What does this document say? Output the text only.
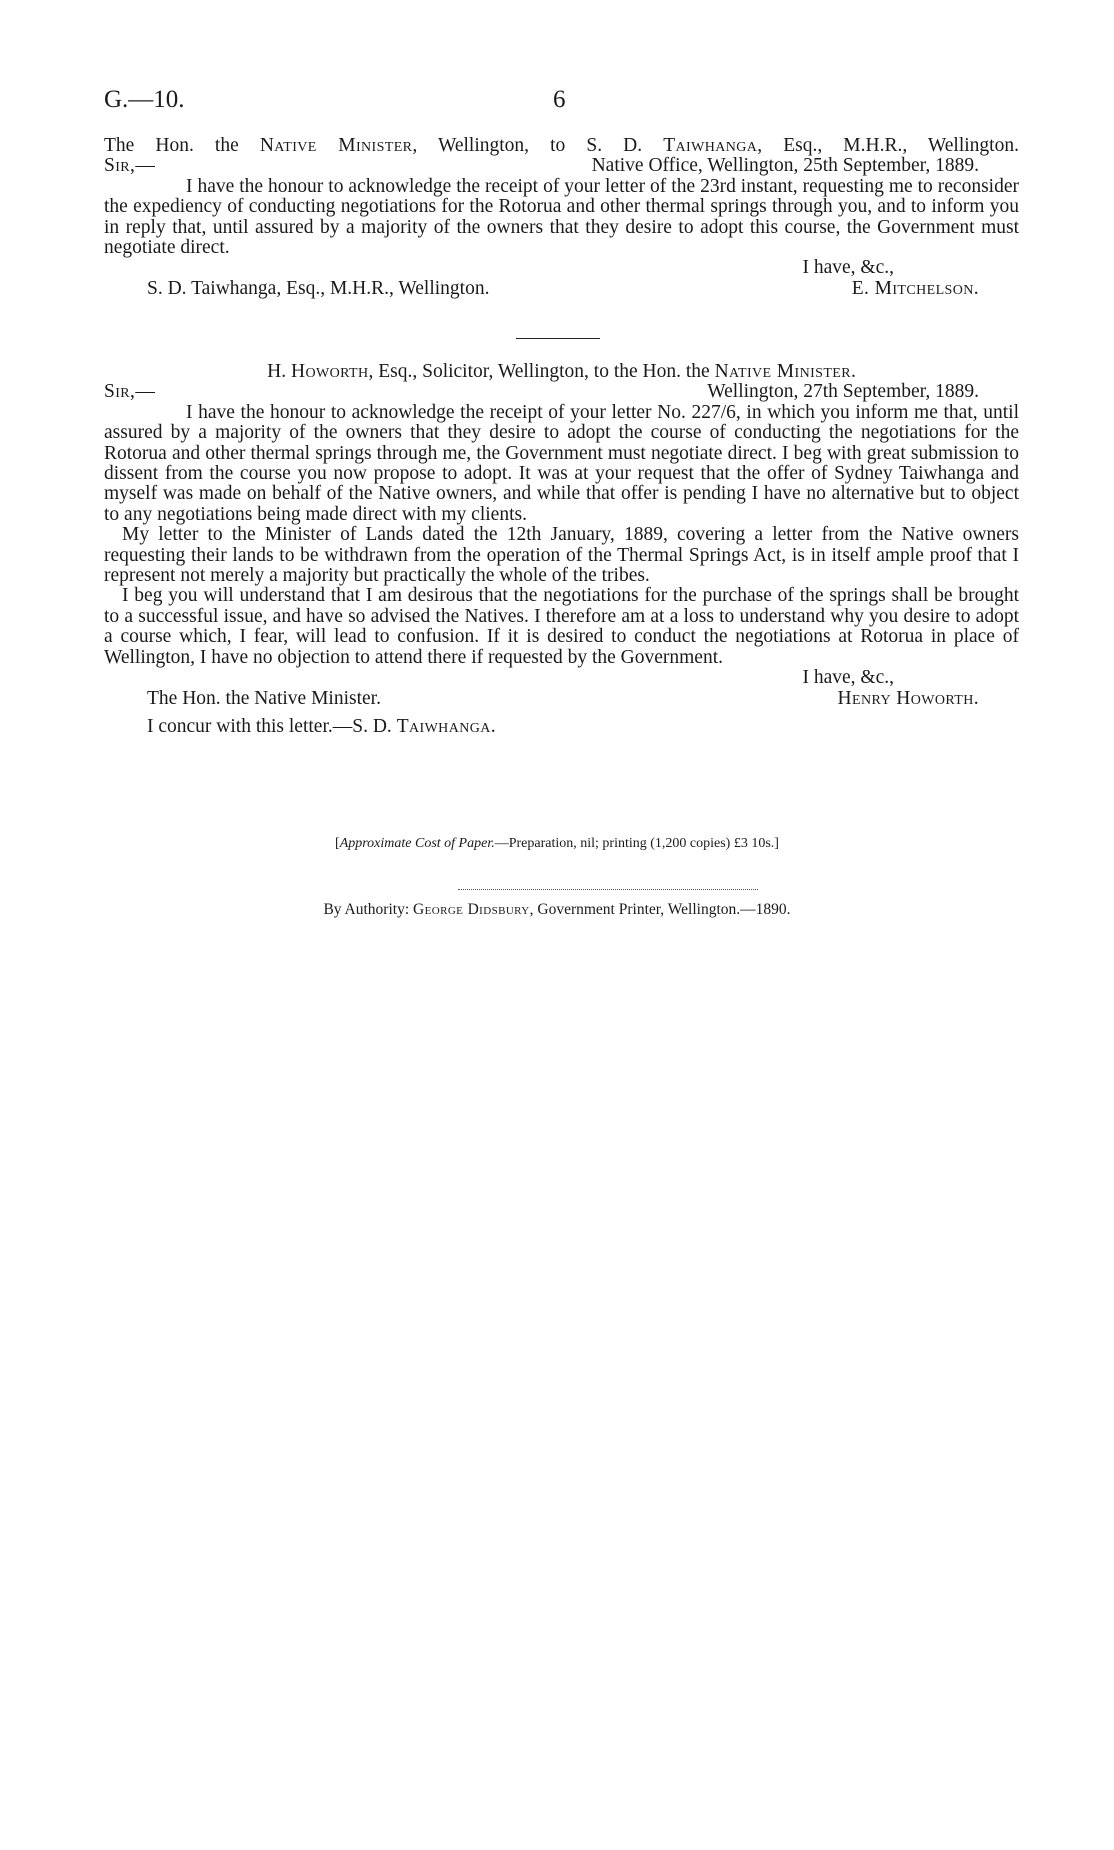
G.—10.	6
The Hon. the Native Minister, Wellington, to S. D. Taiwhanga, Esq., M.H.R., Wellington.
Sir,—	Native Office, Wellington, 25th September, 1889.
I have the honour to acknowledge the receipt of your letter of the 23rd instant, requesting me to reconsider the expediency of conducting negotiations for the Rotorua and other thermal springs through you, and to inform you in reply that, until assured by a majority of the owners that they desire to adopt this course, the Government must negotiate direct.
I have, &c.,
S. D. Taiwhanga, Esq., M.H.R., Wellington.	E. Mitchelson.
H. Howorth, Esq., Solicitor, Wellington, to the Hon. the Native Minister.
Sir,—	Wellington, 27th September, 1889.
I have the honour to acknowledge the receipt of your letter No. 227/6, in which you inform me that, until assured by a majority of the owners that they desire to adopt the course of conducting the negotiations for the Rotorua and other thermal springs through me, the Government must negotiate direct. I beg with great submission to dissent from the course you now propose to adopt. It was at your request that the offer of Sydney Taiwhanga and myself was made on behalf of the Native owners, and while that offer is pending I have no alternative but to object to any negotiations being made direct with my clients.
My letter to the Minister of Lands dated the 12th January, 1889, covering a letter from the Native owners requesting their lands to be withdrawn from the operation of the Thermal Springs Act, is in itself ample proof that I represent not merely a majority but practically the whole of the tribes.
I beg you will understand that I am desirous that the negotiations for the purchase of the springs shall be brought to a successful issue, and have so advised the Natives. I therefore am at a loss to understand why you desire to adopt a course which, I fear, will lead to confusion. If it is desired to conduct the negotiations at Rotorua in place of Wellington, I have no objection to attend there if requested by the Government.
I have, &c.,
The Hon. the Native Minister.	Henry Howorth.
I concur with this letter.—S. D. Taiwhanga.
[Approximate Cost of Paper.—Preparation, nil; printing (1,200 copies) £3 10s.]
By Authority: George Didsbury, Government Printer, Wellington.—1890.
